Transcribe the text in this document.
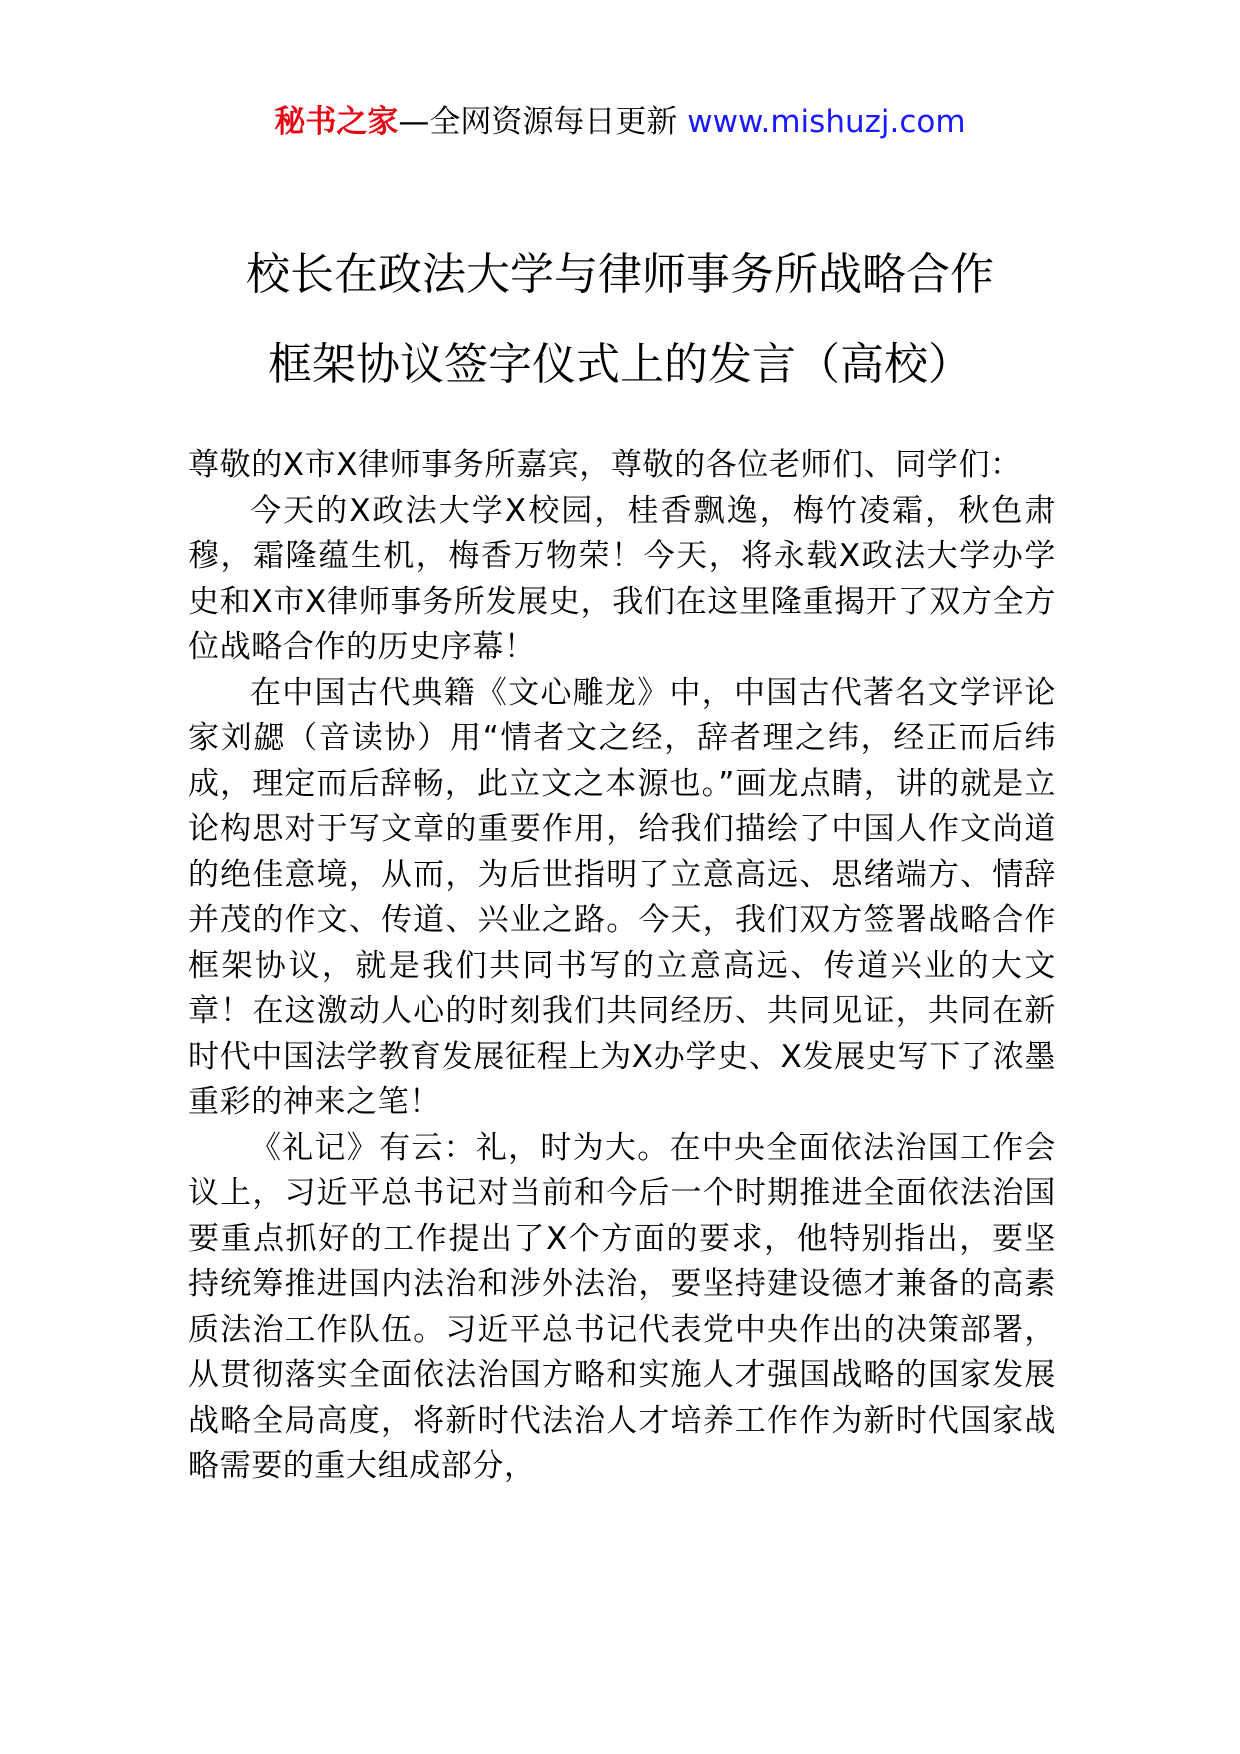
秘书之家—全网资源每日更新 www.mishuzj.com
校长在政法大学与律师事务所战略合作
框架协议签字仪式上的发言（高校）

尊敬的X市X律师事务所嘉宾，尊敬的各位老师们、同学们：

今天的X政法大学X校园，桂香飘逸，梅竹凌霜，秋色肃穆，霜隆蕴生机，梅香万物荣！今天，将永载X政法大学办学史和X市X律师事务所发展史，我们在这里隆重揭开了双方全方位战略合作的历史序幕！

在中国古代典籍《文心雕龙》中，中国古代著名文学评论家刘勰（音读协）用“情者文之经，辞者理之纬，经正而后纬成，理定而后辞畅，此立文之本源也。”画龙点睛，讲的就是立论构思对于写文章的重要作用，给我们描绘了中国人作文尚道的绝佳意境，从而，为后世指明了立意高远、思绪端方、情辞并茂的作文、传道、兴业之路。今天，我们双方签署战略合作框架协议，就是我们共同书写的立意高远、传道兴业的大文章！在这激动人心的时刻我们共同经历、共同见证，共同在新时代中国法学教育发展征程上为X办学史、X发展史写下了浓墨重彩的神来之笔！

《礼记》有云：礼，时为大。在中央全面依法治国工作会议上，习近平总书记对当前和今后一个时期推进全面依法治国要重点抓好的工作提出了X个方面的要求，他特别指出，要坚持统筹推进国内法治和涉外法治，要坚持建设德才兼备的高素质法治工作队伍。习近平总书记代表党中央作出的决策部署，从贯彻落实全面依法治国方略和实施人才强国战略的国家发展战略全局高度，将新时代法治人才培养工作作为新时代国家战略需要的重大组成部分，
